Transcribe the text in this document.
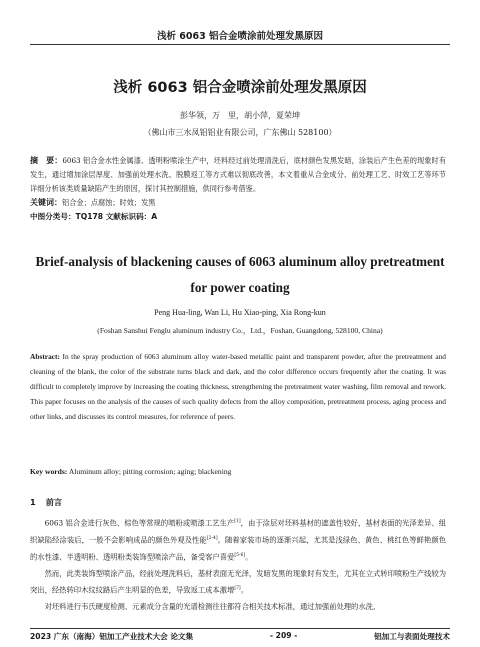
浅析 6063 铝合金喷涂前处理发黑原因
浅析 6063 铝合金喷涂前处理发黑原因
彭华领，万　里，胡小萍，夏荣坤
（佛山市三水凤铝铝业有限公司，广东佛山 528100）
摘　要：6063 铝合金水性金属漆、透明粉喷涂生产中，坯料经过前处理清洗后，底材颜色发黑发暗，涂装后产生色差的现象时有发生，通过增加涂层厚度、加强前处理水洗、脱膜返工等方式难以彻底改善，本文着重从合金成分、前处理工艺、时效工艺等环节详细分析该类质量缺陷产生的原因，探讨其控制措施，供同行参考借鉴。
关键词：铝合金；点腐蚀；时效；发黑
中图分类号：TQ178 文献标识码：A
Brief-analysis of blackening causes of 6063 aluminum alloy pretreatment
for power coating
Peng Hua-ling, Wan Li, Hu Xiao-ping, Xia Rong-kun
(Foshan Sanshui Fenglu aluminum industry Co.，Ltd.，Foshan, Guangdong, 528100, China)
Abstract: In the spray production of 6063 aluminum alloy water-based metallic paint and transparent powder, after the pretreatment and cleaning of the blank, the color of the substrate turns black and dark, and the color difference occurs frequently after the coating. It was difficult to completely improve by increasing the coating thickness, strengthening the pretreatment water washing, film removal and rework. This paper focuses on the analysis of the causes of such quality defects from the alloy composition, pretreatment process, aging process and other links, and discusses its control measures, for reference of peers.
Key words: Aluminum alloy; pitting corrosion; aging; blackening
1 前言

6063 铝合金进行灰色、棕色等常规的喷粉或喷漆工艺生产[1]，由于涂层对坯料基材的遮盖性较好，基材表面的光泽差异、组织缺陷经涂装后，一般不会影响成品的颜色外观及性能[2-4]。随着家装市场的逐渐兴起，尤其是浅绿色、黄色、桃红色等鲜艳颜色的水性漆、半透明粉、透明粉类装饰型喷涂产品，备受客户喜爱[5-6]。

然而，此类装饰型喷涂产品，经前处理洗料后，基材表面无光泽，发暗发黑的现象时有发生，尤其在立式转印喷粉生产线较为突出，经热转印木纹纹路后产生明显的色差，导致返工成本激增[7]。

对坯料进行韦氏硬度检测、元素成分含量的光谱检测往往都符合相关技术标准，通过加强前处理的水洗、

2023 广东（南海）铝加工产业技术大会 论文集	- 209 -	铝加工与表面处理技术
